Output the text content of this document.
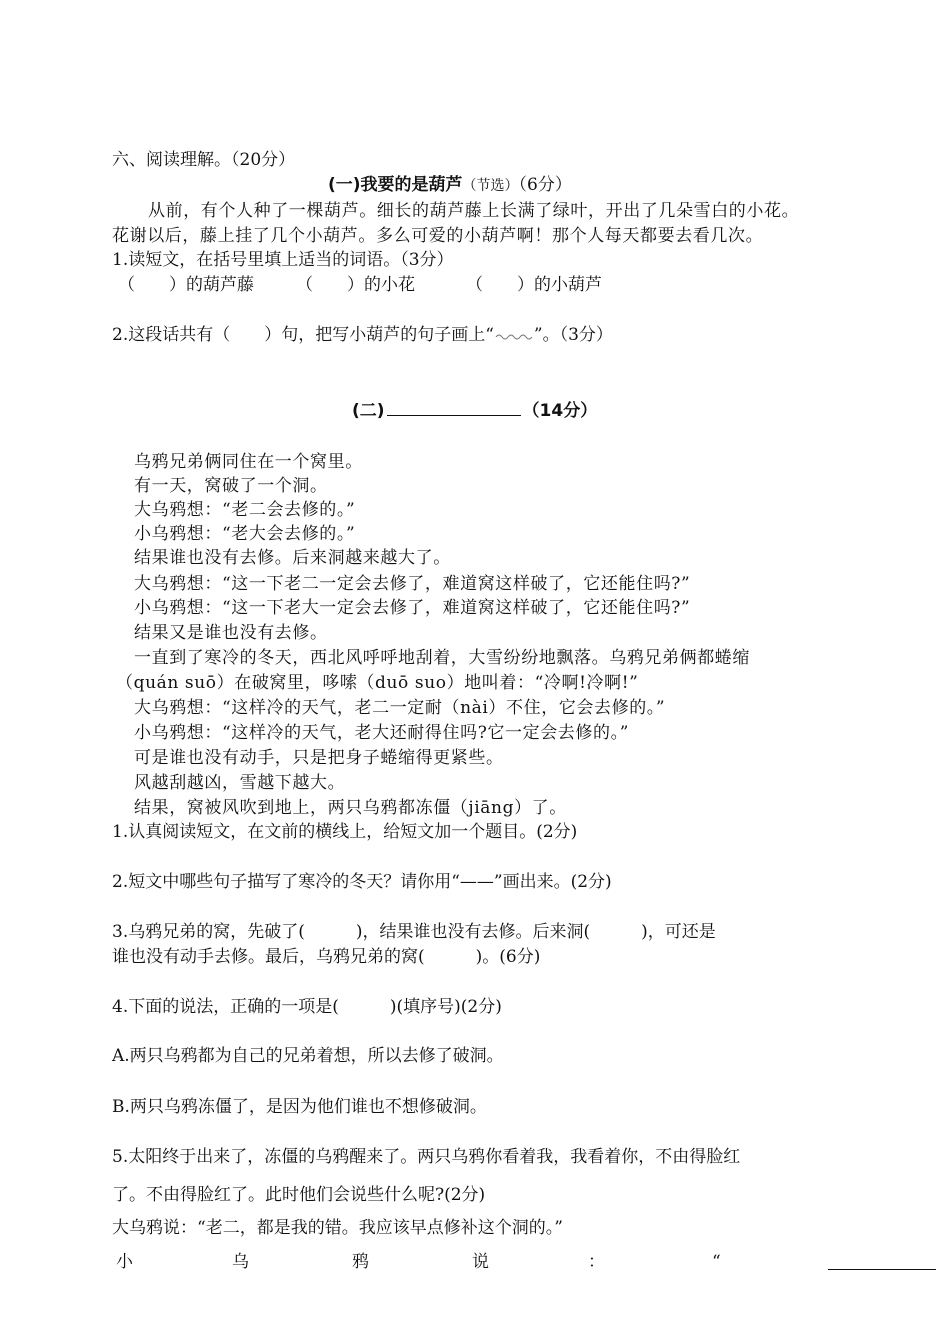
六、阅读理解。（20分）
(一)我要的是葫芦（节选）（6分）
从前，有个人种了一棵葫芦。细长的葫芦藤上长满了绿叶，开出了几朵雪白的小花。
花谢以后，藤上挂了几个小葫芦。多么可爱的小葫芦啊！那个人每天都要去看几次。
1.读短文，在括号里填上适当的词语。（3分）
（　　）的葫芦藤 （　　）的小花	（　　）的小葫芦
2.这段话共有（　　）句，把写小葫芦的句子画上“ ”。（3分）
(二)	（14分）
乌鸦兄弟俩同住在一个窝里。
有一天，窝破了一个洞。
大乌鸦想：“老二会去修的。”
小乌鸦想：“老大会去修的。”
结果谁也没有去修。后来洞越来越大了。
大乌鸦想：“这一下老二一定会去修了，难道窝这样破了，它还能住吗?”
小乌鸦想：“这一下老大一定会去修了，难道窝这样破了，它还能住吗?”
结果又是谁也没有去修。
一直到了寒冷的冬天，西北风呼呼地刮着，大雪纷纷地飘落。乌鸦兄弟俩都蜷缩
（quán suō）在破窝里，哆嗦（duō suo）地叫着：“冷啊!冷啊!”
大乌鸦想：“这样冷的天气，老二一定耐（nài）不住，它会去修的。”
小乌鸦想：“这样冷的天气，老大还耐得住吗?它一定会去修的。”
可是谁也没有动手，只是把身子蜷缩得更紧些。
风越刮越凶，雪越下越大。
结果，窝被风吹到地上，两只乌鸦都冻僵（jiāng）了。
1.认真阅读短文，在文前的横线上，给短文加一个题目。(2分)
2.短文中哪些句子描写了寒冷的冬天？请你用“——”画出来。(2分)
3.乌鸦兄弟的窝，先破了(　　　)，结果谁也没有去修。后来洞(　　　)，可还是
谁也没有动手去修。最后，乌鸦兄弟的窝(　　　)。(6分)
4.下面的说法，正确的一项是(　　　)(填序号)(2分)
A.两只乌鸦都为自己的兄弟着想，所以去修了破洞。
B.两只乌鸦冻僵了，是因为他们谁也不想修破洞。
5.太阳终于出来了，冻僵的乌鸦醒来了。两只乌鸦你看着我，我看着你，不由得脸红
了。不由得脸红了。此时他们会说些什么呢?(2分)
大乌鸦说：“老二，都是我的错。我应该早点修补这个洞的。”
小	乌	鸦	说	：	“
